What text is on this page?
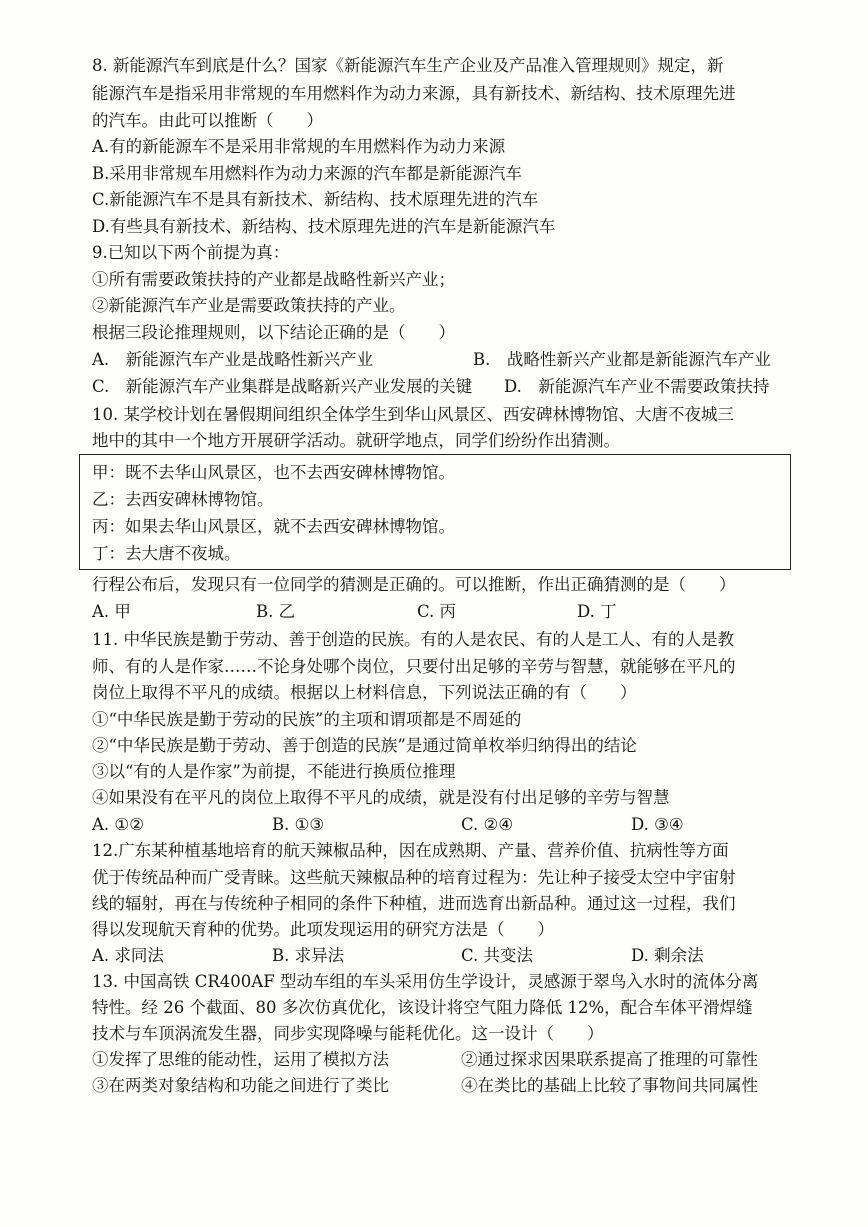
8. 新能源汽车到底是什么？国家《新能源汽车生产企业及产品准入管理规则》规定，新
能源汽车是指采用非常规的车用燃料作为动力来源，具有新技术、新结构、技术原理先进
的汽车。由此可以推断（　　）
A.有的新能源车不是采用非常规的车用燃料作为动力来源
B.采用非常规车用燃料作为动力来源的汽车都是新能源汽车
C.新能源汽车不是具有新技术、新结构、技术原理先进的汽车
D.有些具有新技术、新结构、技术原理先进的汽车是新能源汽车
9.已知以下两个前提为真：
①所有需要政策扶持的产业都是战略性新兴产业；
②新能源汽车产业是需要政策扶持的产业。
根据三段论推理规则，以下结论正确的是（　　）
A.　新能源汽车产业是战略性新兴产业	B.　战略性新兴产业都是新能源汽车产业
C.　新能源汽车产业集群是战略新兴产业发展的关键 D.　新能源汽车产业不需要政策扶持
10. 某学校计划在暑假期间组织全体学生到华山风景区、西安碑林博物馆、大唐不夜城三
地中的其中一个地方开展研学活动。就研学地点，同学们纷纷作出猜测。
甲：既不去华山风景区，也不去西安碑林博物馆。
乙：去西安碑林博物馆。
丙：如果去华山风景区，就不去西安碑林博物馆。
丁：去大唐不夜城。
行程公布后，发现只有一位同学的猜测是正确的。可以推断，作出正确猜测的是（　　）
A. 甲	B. 乙	C. 丙	D. 丁
11. 中华民族是勤于劳动、善于创造的民族。有的人是农民、有的人是工人、有的人是教
师、有的人是作家……不论身处哪个岗位，只要付出足够的辛劳与智慧，就能够在平凡的
岗位上取得不平凡的成绩。根据以上材料信息，下列说法正确的有（　　）
①“中华民族是勤于劳动的民族”的主项和谓项都是不周延的
②“中华民族是勤于劳动、善于创造的民族”是通过简单枚举归纳得出的结论
③以“有的人是作家”为前提，不能进行换质位推理
④如果没有在平凡的岗位上取得不平凡的成绩，就是没有付出足够的辛劳与智慧
A. ①②	B. ①③	C. ②④	D. ③④
12.广东某种植基地培育的航天辣椒品种，因在成熟期、产量、营养价值、抗病性等方面
优于传统品种而广受青睐。这些航天辣椒品种的培育过程为：先让种子接受太空中宇宙射
线的辐射，再在与传统种子相同的条件下种植，进而选育出新品种。通过这一过程，我们
得以发现航天育种的优势。此项发现运用的研究方法是（　　）
A. 求同法	B. 求异法	C. 共变法	D. 剩余法
13. 中国高铁 CR400AF 型动车组的车头采用仿生学设计，灵感源于翠鸟入水时的流体分离
特性。经 26 个截面、80 多次仿真优化，该设计将空气阻力降低 12%，配合车体平滑焊缝
技术与车顶涡流发生器，同步实现降噪与能耗优化。这一设计（　　）
①发挥了思维的能动性，运用了模拟方法	②通过探求因果联系提高了推理的可靠性
③在两类对象结构和功能之间进行了类比	④在类比的基础上比较了事物间共同属性
